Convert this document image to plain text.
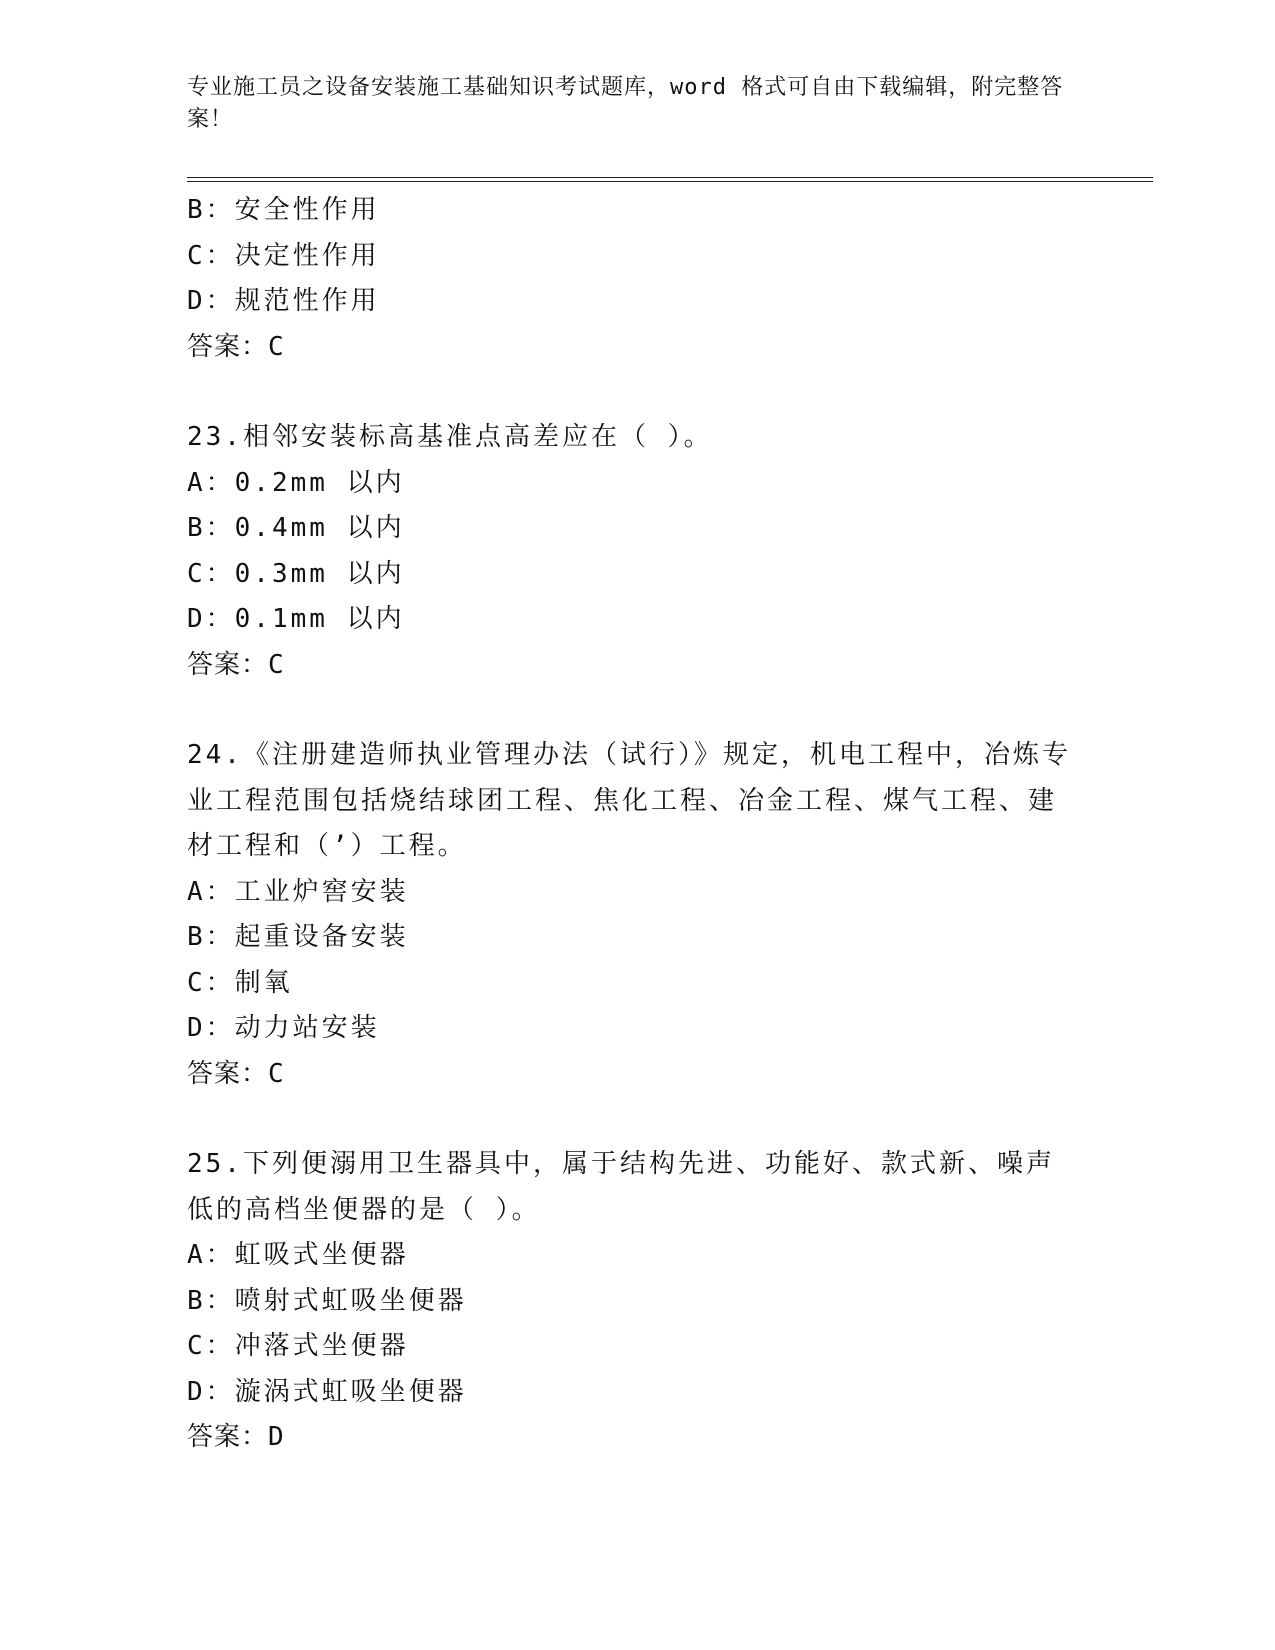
专业施工员之设备安装施工基础知识考试题库，word 格式可自由下载编辑，附完整答案！
B：安全性作用
C：决定性作用
D：规范性作用
答案：C
23.相邻安装标高基准点高差应在（ ）。
A：0.2mm 以内
B：0.4mm 以内
C：0.3mm 以内
D：0.1mm 以内
答案：C
24.《注册建造师执业管理办法（试行）》规定，机电工程中，冶炼专业工程范围包括烧结球团工程、焦化工程、冶金工程、煤气工程、建材工程和（’）工程。
A：工业炉窖安装
B：起重设备安装
C：制氧
D：动力站安装
答案：C
25.下列便溺用卫生器具中，属于结构先进、功能好、款式新、噪声低的高档坐便器的是（ ）。
A：虹吸式坐便器
B：喷射式虹吸坐便器
C：冲落式坐便器
D：漩涡式虹吸坐便器
答案：D
